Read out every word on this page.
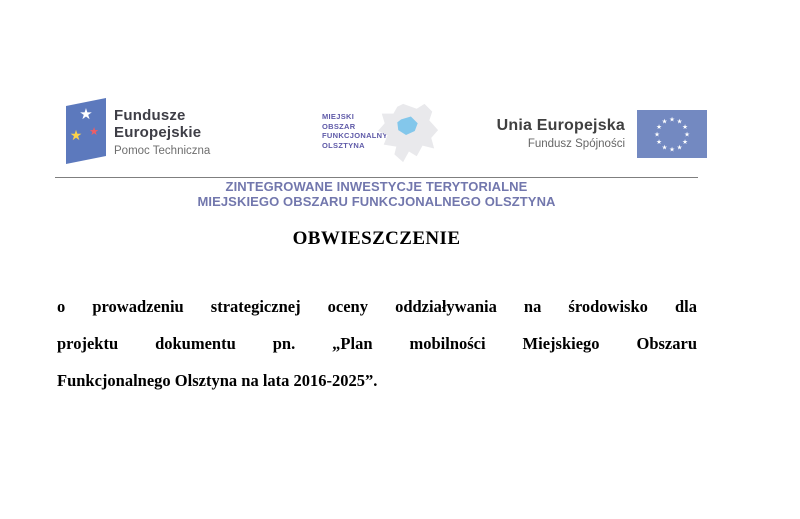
★
★ ★
Fundusze
Europejskie
Pomoc Techniczna
MIEJSKI
OBSZAR
FUNKCJONALNY
OLSZTYNA
Unia Europejska
Fundusz Spójności
★ ★
★
★
★
★
★
★
★
★
★
★
ZINTEGROWANE INWESTYCJE TERYTORIALNE
MIEJSKIEGO OBSZARU FUNKCJONALNEGO OLSZTYNA
OBWIESZCZENIE
o prowadzeniu strategicznej oceny oddziaływania na środowisko dla
projektu dokumentu pn. „Plan mobilności Miejskiego Obszaru
Funkcjonalnego Olsztyna na lata 2016-2025”.
